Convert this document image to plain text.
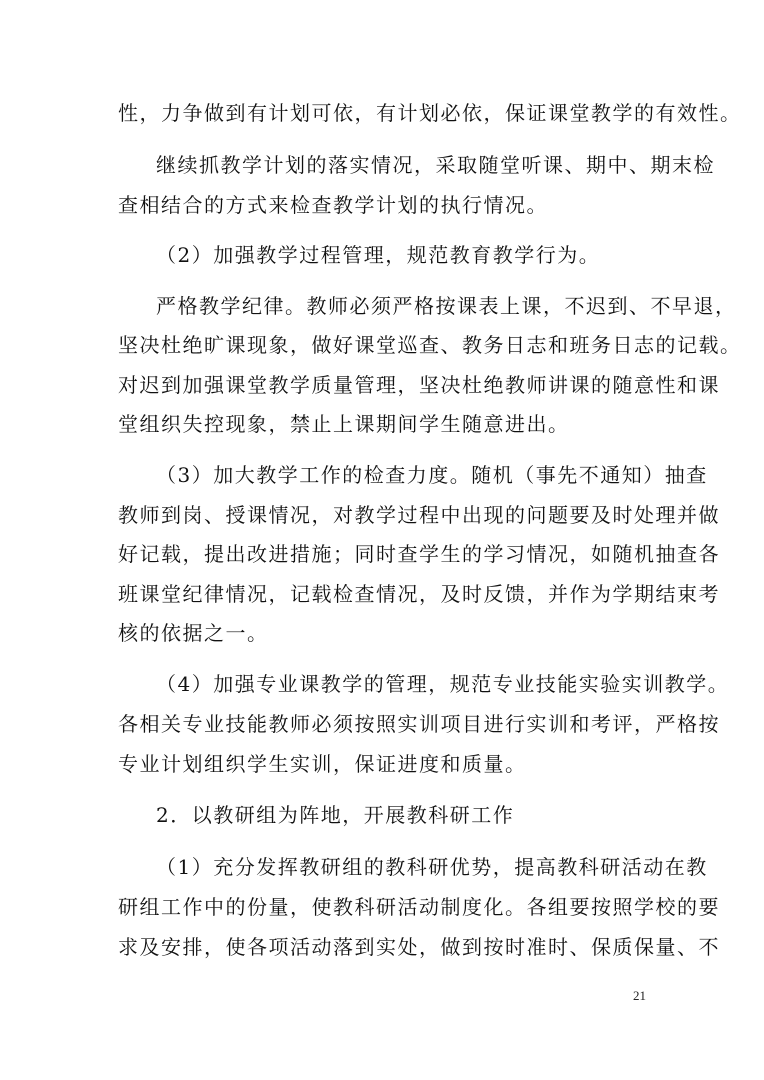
性，力争做到有计划可依，有计划必依，保证课堂教学的有效性。
继续抓教学计划的落实情况，采取随堂听课、期中、期末检
查相结合的方式来检查教学计划的执行情况。
（2）加强教学过程管理，规范教育教学行为。
严格教学纪律。教师必须严格按课表上课，不迟到、不早退，
坚决杜绝旷课现象，做好课堂巡查、教务日志和班务日志的记载。
对迟到加强课堂教学质量管理，坚决杜绝教师讲课的随意性和课
堂组织失控现象，禁止上课期间学生随意进出。
（3）加大教学工作的检查力度。随机（事先不通知）抽查
教师到岗、授课情况，对教学过程中出现的问题要及时处理并做
好记载，提出改进措施；同时查学生的学习情况，如随机抽查各
班课堂纪律情况，记载检查情况，及时反馈，并作为学期结束考
核的依据之一。
（4）加强专业课教学的管理，规范专业技能实验实训教学。
各相关专业技能教师必须按照实训项目进行实训和考评，严格按
专业计划组织学生实训，保证进度和质量。
2．以教研组为阵地，开展教科研工作
（1）充分发挥教研组的教科研优势，提高教科研活动在教
研组工作中的份量，使教科研活动制度化。各组要按照学校的要
求及安排，使各项活动落到实处，做到按时准时、保质保量、不
21
